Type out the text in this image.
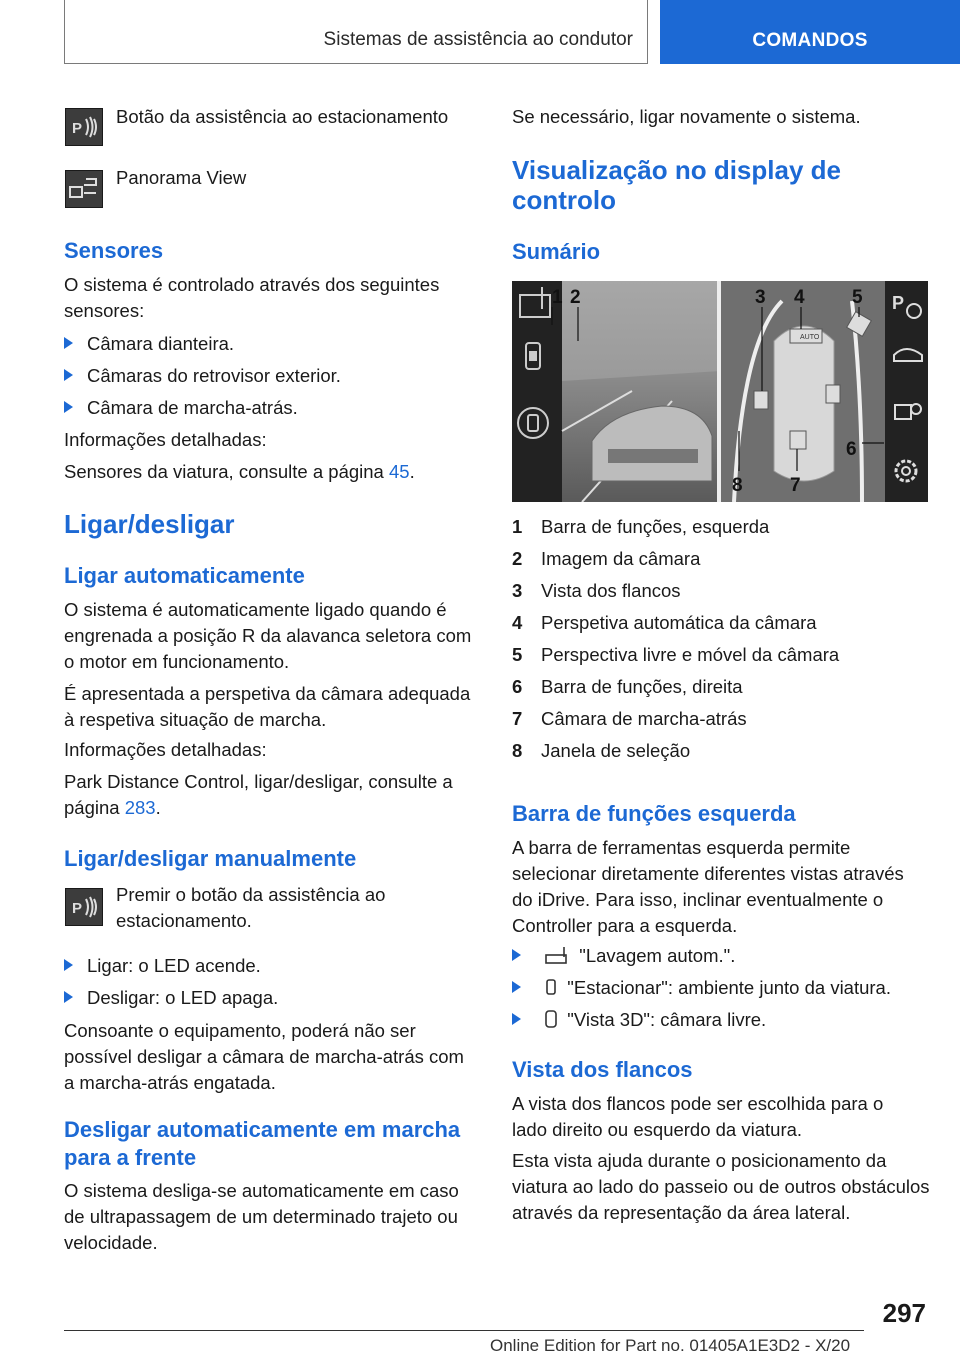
Sistemas de assistência ao condutor	COMANDOS
P
Botão da assistência ao estacionamento
Panorama View
Sensores
O sistema é controlado através dos seguintes sensores:
Câmara dianteira.
Câmaras do retrovisor exterior.
Câmara de marcha-atrás.
Informações detalhadas:
Sensores da viatura, consulte a página 45.
Ligar/desligar
Ligar automaticamente
O sistema é automaticamente ligado quando é engrenada a posição R da alavanca seletora com o motor em funcionamento.
É apresentada a perspetiva da câmara adequada à respetiva situação de marcha.
Informações detalhadas:
Park Distance Control, ligar/desligar, consulte a página 283.
Ligar/desligar manualmente
P
Premir o botão da assistência ao estacionamento.
Ligar: o LED acende.
Desligar: o LED apaga.
Consoante o equipamento, poderá não ser possível desligar a câmara de marcha-atrás com a marcha-atrás engatada.
Desligar automaticamente em marcha para a frente
O sistema desliga-se automaticamente em caso de ultrapassagem de um determinado trajeto ou velocidade.
Se necessário, ligar novamente o sistema.
Visualização no display de controlo
Sumário
AUTO
P
1 2	3 4 5
6
7
8
1 Barra de funções, esquerda
2 Imagem da câmara
3 Vista dos flancos
4 Perspetiva automática da câmara
5 Perspectiva livre e móvel da câmara
6 Barra de funções, direita
7 Câmara de marcha-atrás
8 Janela de seleção
Barra de funções esquerda
A barra de ferramentas esquerda permite selecionar diretamente diferentes vistas através do iDrive. Para isso, inclinar eventualmente o Controller para a esquerda.
"Lavagem autom.".
"Estacionar": ambiente junto da viatura.
"Vista 3D": câmara livre.
Vista dos flancos
A vista dos flancos pode ser escolhida para o lado direito ou esquerdo da viatura.
Esta vista ajuda durante o posicionamento da viatura ao lado do passeio ou de outros obstáculos através da representação da área lateral.
297
Online Edition for Part no. 01405A1E3D2 - X/20
